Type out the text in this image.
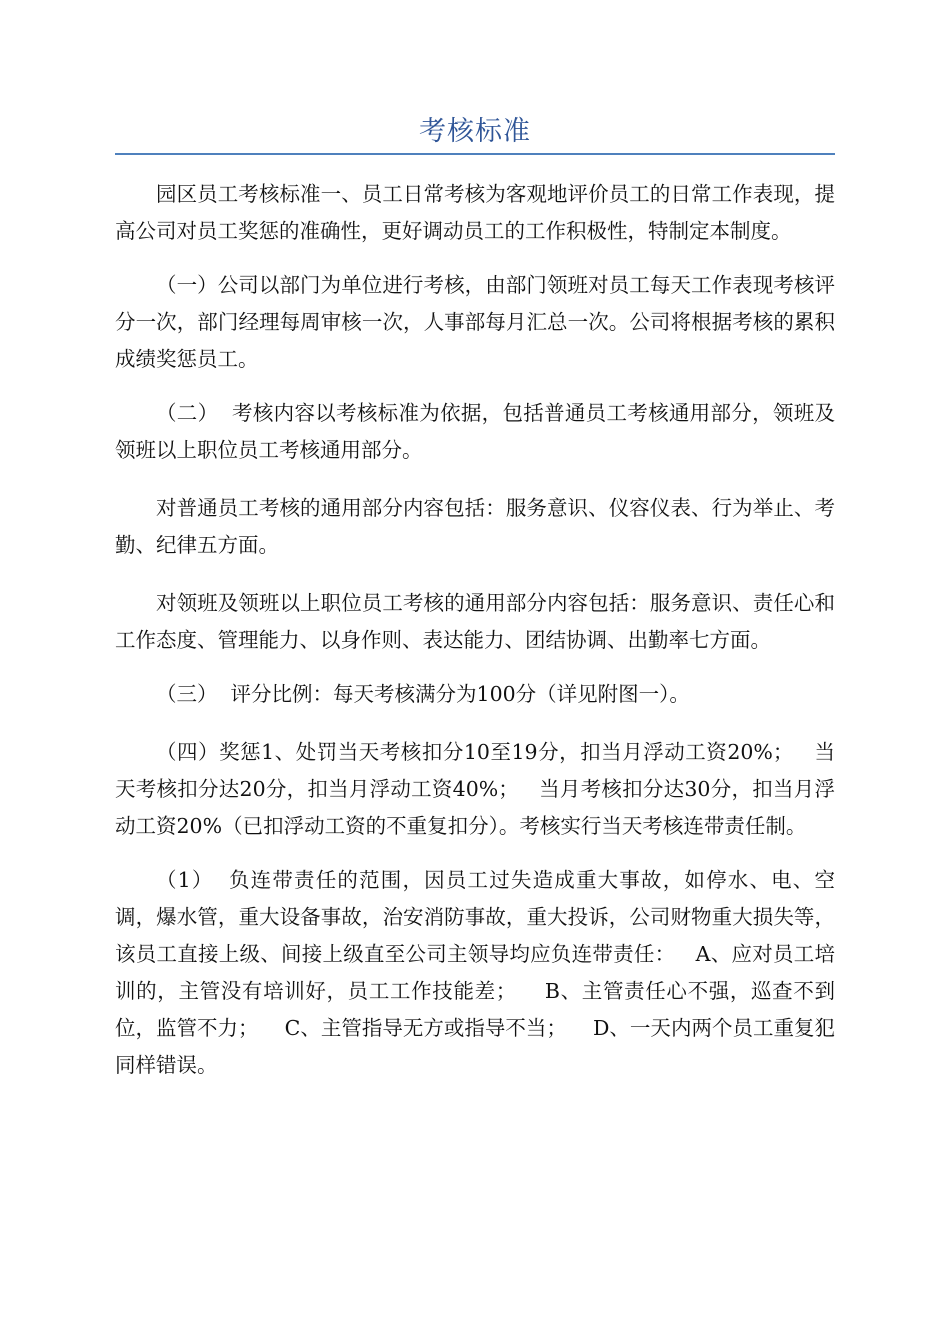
考核标准

园区员工考核标准一、员工日常考核为客观地评价员工的日常工作表现，提高公司对员工奖惩的准确性，更好调动员工的工作积极性，特制定本制度。

（一）公司以部门为单位进行考核，由部门领班对员工每天工作表现考核评分一次，部门经理每周审核一次，人事部每月汇总一次。公司将根据考核的累积成绩奖惩员工。

（二）  考核内容以考核标准为依据，包括普通员工考核通用部分，领班及领班以上职位员工考核通用部分。

对普通员工考核的通用部分内容包括：服务意识、仪容仪表、行为举止、考勤、纪律五方面。

对领班及领班以上职位员工考核的通用部分内容包括：服务意识、责任心和工作态度、管理能力、以身作则、表达能力、团结协调、出勤率七方面。

（三）  评分比例：每天考核满分为100分（详见附图一）。

（四）奖惩1、处罚当天考核扣分10至19分，扣当月浮动工资20%；   当天考核扣分达20分，扣当月浮动工资40%；   当月考核扣分达30分，扣当月浮动工资20%（已扣浮动工资的不重复扣分）。考核实行当天考核连带责任制。

（1）  负连带责任的范围，因员工过失造成重大事故，如停水、电、空调，爆水管，重大设备事故，治安消防事故，重大投诉，公司财物重大损失等，该员工直接上级、间接上级直至公司主领导均应负连带责任：   A、应对员工培训的，主管没有培训好，员工工作技能差；    B、主管责任心不强，巡查不到位，监管不力；    C、主管指导无方或指导不当；    D、一天内两个员工重复犯同样错误。
